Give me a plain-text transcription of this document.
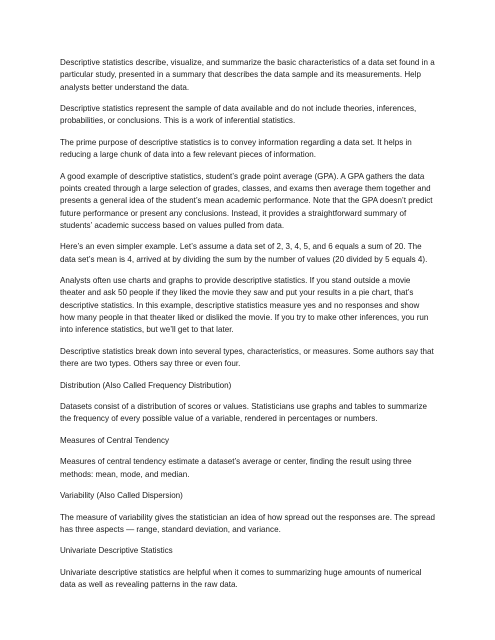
Descriptive statistics describe, visualize, and summarize the basic characteristics of a data set found in a particular study, presented in a summary that describes the data sample and its measurements. Help analysts better understand the data.

Descriptive statistics represent the sample of data available and do not include theories, inferences, probabilities, or conclusions. This is a work of inferential statistics.

The prime purpose of descriptive statistics is to convey information regarding a data set. It helps in reducing a large chunk of data into a few relevant pieces of information.

A good example of descriptive statistics, student’s grade point average (GPA). A GPA gathers the data points created through a large selection of grades, classes, and exams then average them together and presents a general idea of the student’s mean academic performance. Note that the GPA doesn’t predict future performance or present any conclusions. Instead, it provides a straightforward summary of students’ academic success based on values pulled from data.

Here’s an even simpler example. Let’s assume a data set of 2, 3, 4, 5, and 6 equals a sum of 20. The data set’s mean is 4, arrived at by dividing the sum by the number of values (20 divided by 5 equals 4).

Analysts often use charts and graphs to provide descriptive statistics. If you stand outside a movie theater and ask 50 people if they liked the movie they saw and put your results in a pie chart, that’s descriptive statistics. In this example, descriptive statistics measure yes and no responses and show how many people in that theater liked or disliked the movie. If you try to make other inferences, you run into inference statistics, but we’ll get to that later.

Descriptive statistics break down into several types, characteristics, or measures. Some authors say that there are two types. Others say three or even four.

Distribution (Also Called Frequency Distribution)

Datasets consist of a distribution of scores or values. Statisticians use graphs and tables to summarize the frequency of every possible value of a variable, rendered in percentages or numbers.

Measures of Central Tendency

Measures of central tendency estimate a dataset’s average or center, finding the result using three methods: mean, mode, and median.

Variability (Also Called Dispersion)

The measure of variability gives the statistician an idea of how spread out the responses are. The spread has three aspects — range, standard deviation, and variance.

Univariate Descriptive Statistics

Univariate descriptive statistics are helpful when it comes to summarizing huge amounts of numerical data as well as revealing patterns in the raw data.
